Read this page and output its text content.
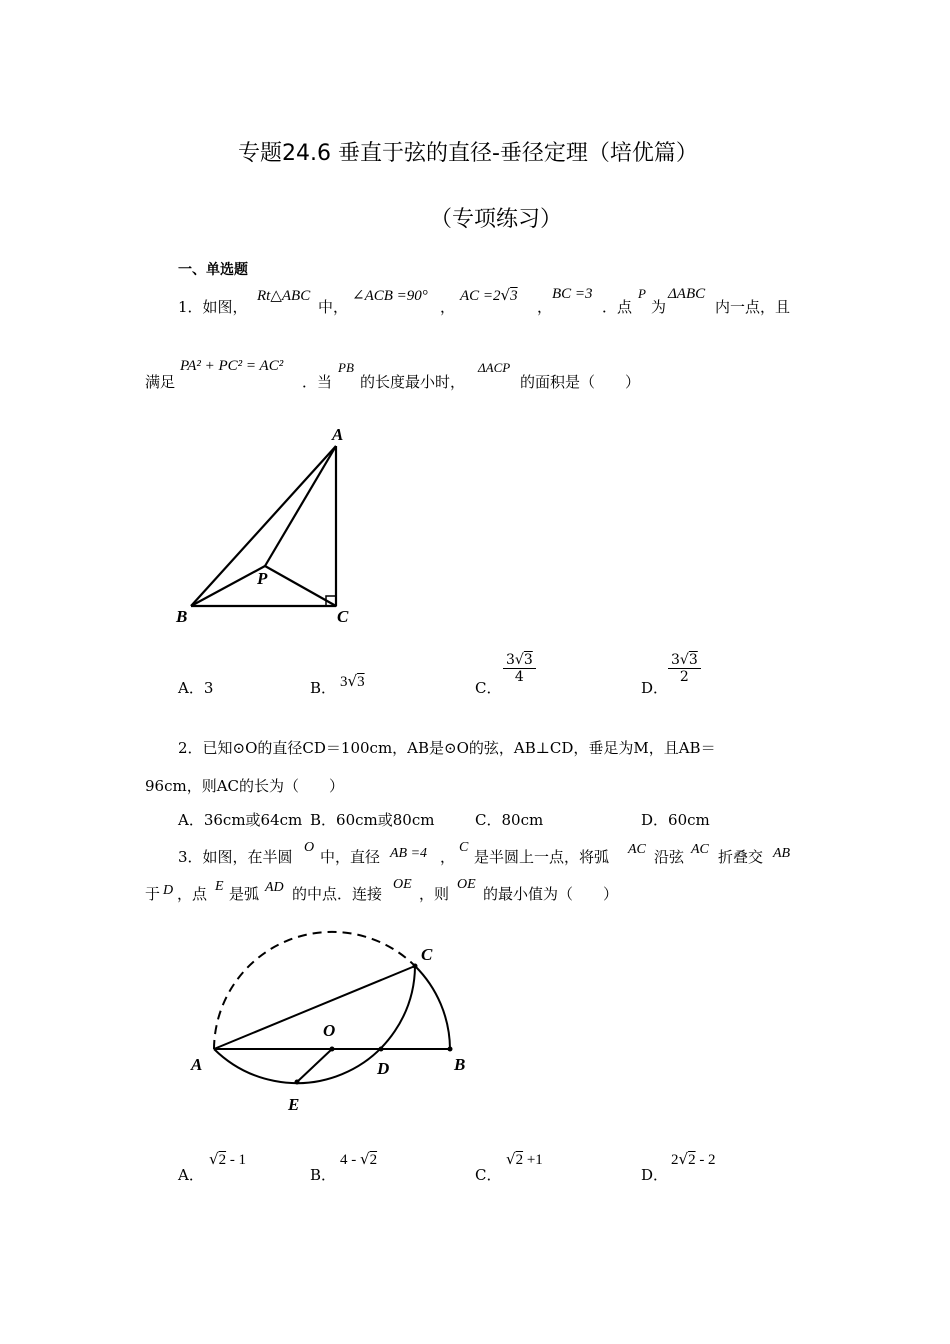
专题24.6 垂直于弦的直径-垂径定理（培优篇）
（专项练习）
一、单选题
1．如图，
Rt△ABC
中，
∠ACB =90°
，
AC =2√3
，
BC =3
．点
P
为
ΔABC
内一点，且
满足
PA² + PC² = AC²
．当
PB
的长度最小时，
ΔACP
的面积是（　　）
A
B	C
P
A．3	B． 3√3	C．
$\frac{3√3}{4}$
D．
$\frac{3√3}{2}$
2．已知⊙O的直径CD＝100cm，AB是⊙O的弦，AB⊥CD，垂足为M，且AB＝
96cm，则AC的长为（　　）
A．36cm或64cm B．60cm或80cm	C．80cm	D．60cm
3．如图，在半圆
O
中，直径 AB =4 ，
C
是半圆上一点，将弧 AC 沿弦 AC 折叠交 AB
于 D ，点 E 是弧 AD 的中点．连接
OE
，则
OE
的最小值为（　　）
C
O
A	D	B
E
A．
√2 - 1
B．
4 - √2
C．
√2 +1
D．
2√2 - 2
